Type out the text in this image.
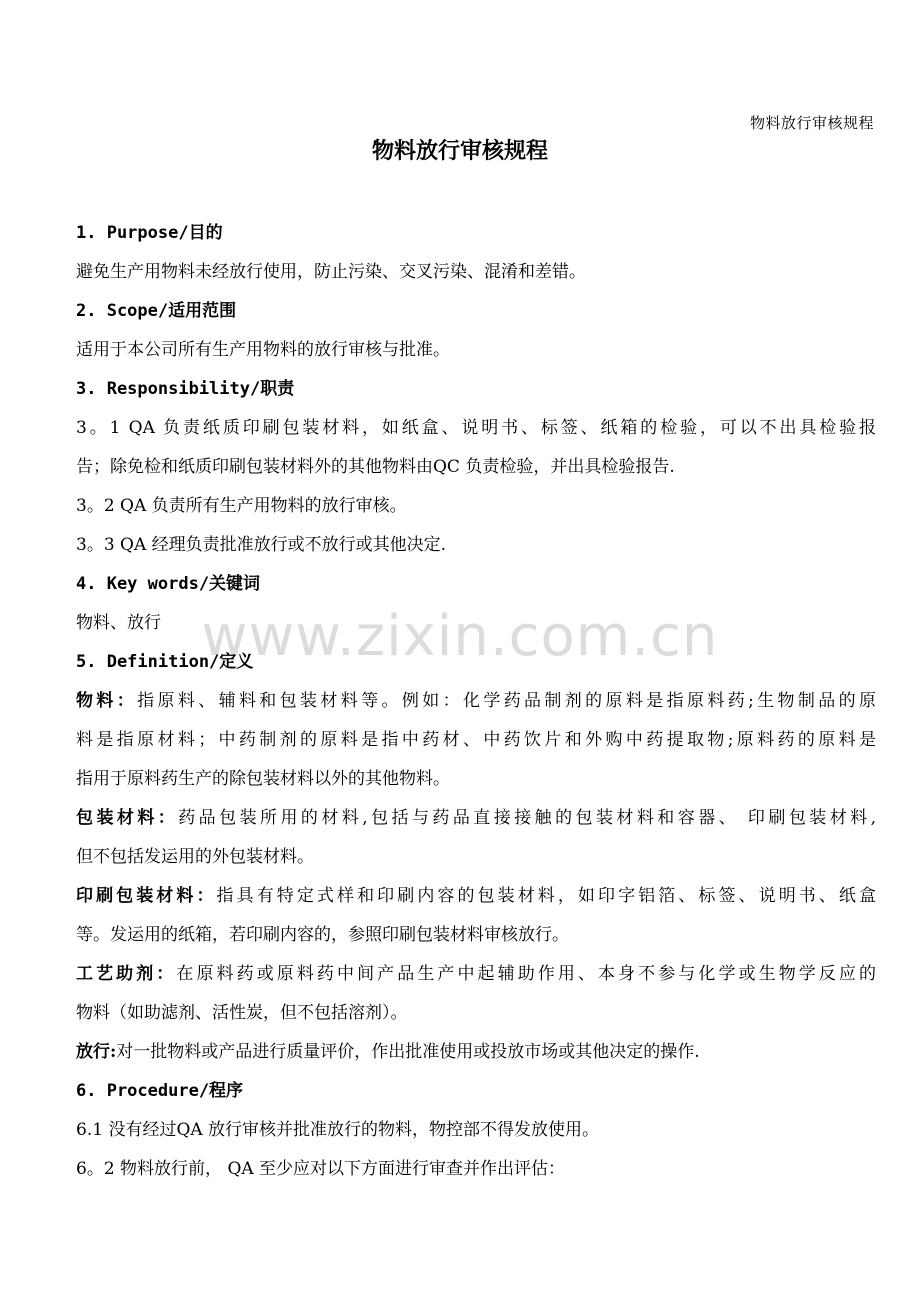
物料放行审核规程
物料放行审核规程
www.zixin.com.cn

1. Purpose/目的

避免生产用物料未经放行使用，防止污染、交叉污染、混淆和差错。

2. Scope/适用范围

适用于本公司所有生产用物料的放行审核与批准。

3. Responsibility/职责

3。1 QA 负责纸质印刷包装材料，如纸盒、说明书、标签、纸箱的检验，可以不出具检验报

告；除免检和纸质印刷包装材料外的其他物料由QC 负责检验，并出具检验报告.

3。2 QA 负责所有生产用物料的放行审核。

3。3 QA 经理负责批准放行或不放行或其他决定.

4. Key words/关键词

物料、放行

5. Definition/定义

物料：指原料、辅料和包装材料等。例如：化学药品制剂的原料是指原料药;生物制品的原

料是指原材料；中药制剂的原料是指中药材、中药饮片和外购中药提取物;原料药的原料是

指用于原料药生产的除包装材料以外的其他物料。

包装材料：药品包装所用的材料,包括与药品直接接触的包装材料和容器、 印刷包装材料,

但不包括发运用的外包装材料。

印刷包装材料：指具有特定式样和印刷内容的包装材料，如印字铝箔、标签、说明书、纸盒

等。发运用的纸箱，若印刷内容的，参照印刷包装材料审核放行。

工艺助剂：在原料药或原料药中间产品生产中起辅助作用、本身不参与化学或生物学反应的

物料（如助滤剂、活性炭，但不包括溶剂）。

放行:对一批物料或产品进行质量评价，作出批准使用或投放市场或其他决定的操作.

6. Procedure/程序

6.1 没有经过QA 放行审核并批准放行的物料，物控部不得发放使用。

6。2 物料放行前， QA 至少应对以下方面进行审查并作出评估：
